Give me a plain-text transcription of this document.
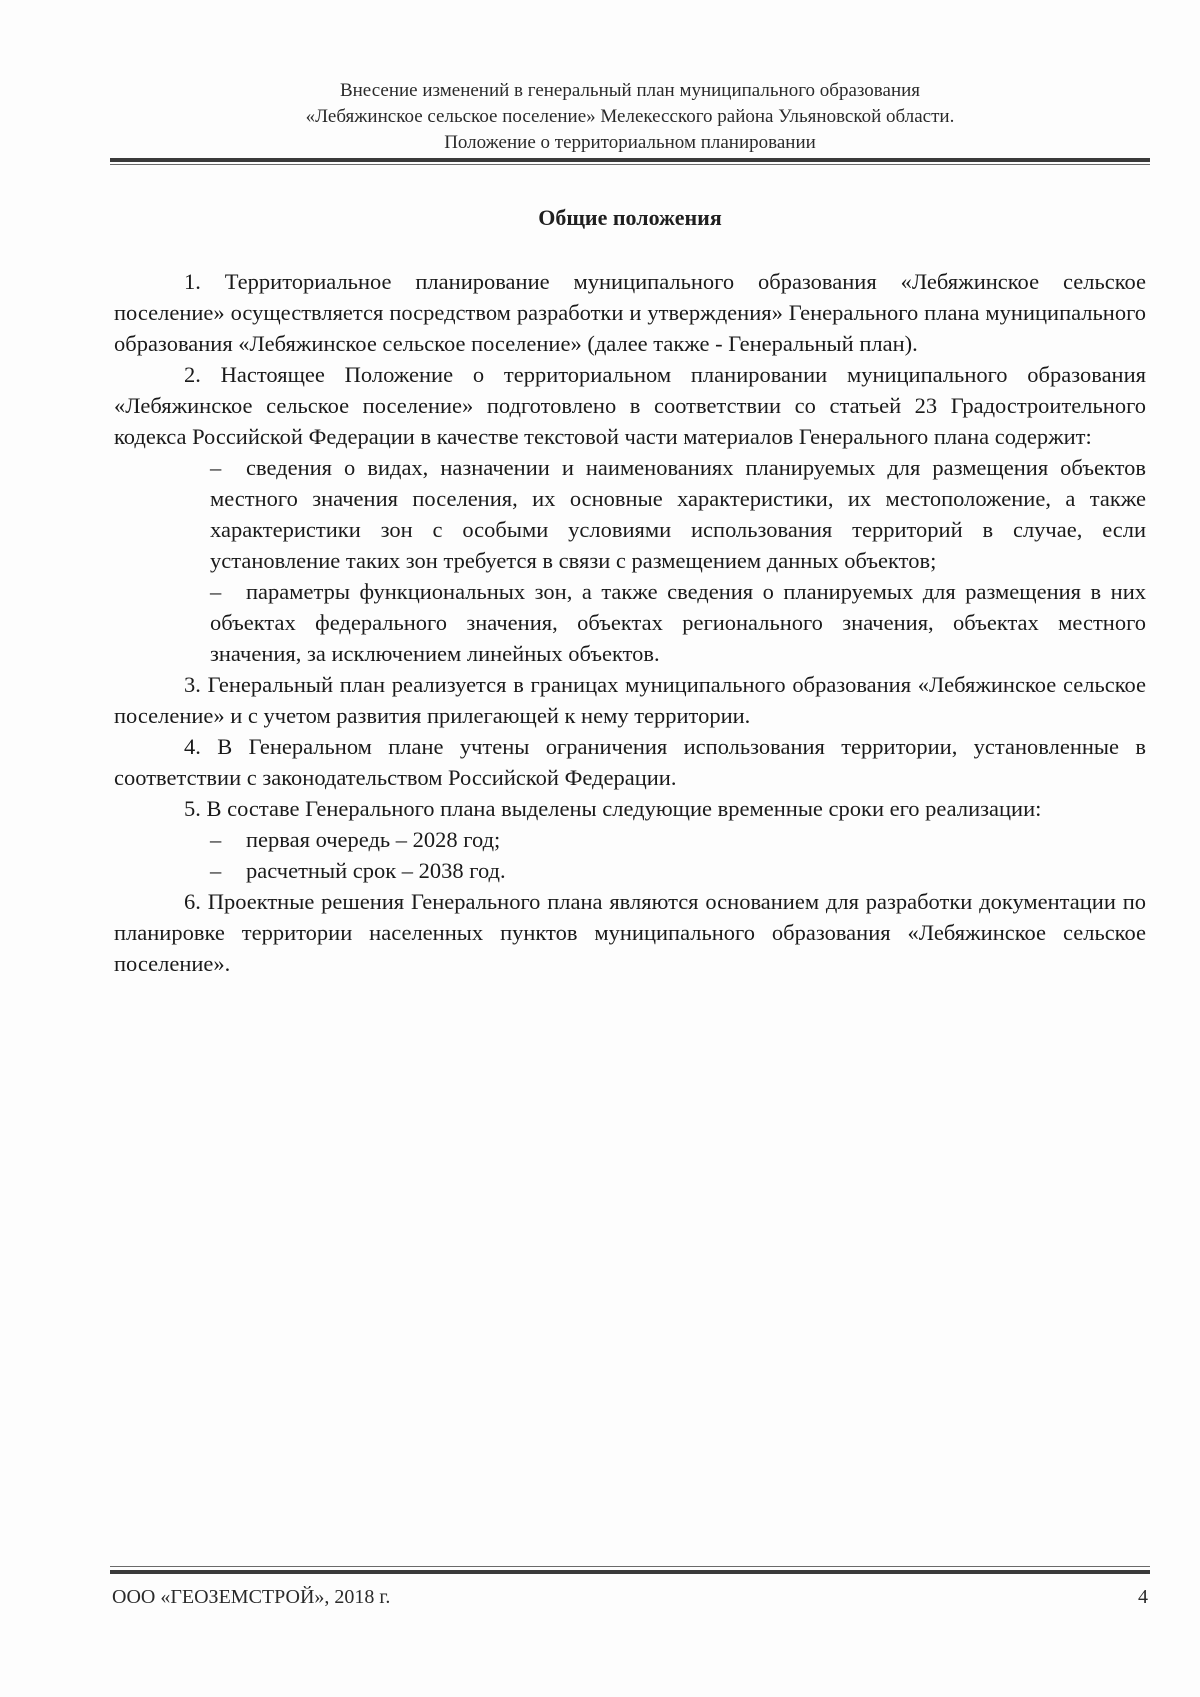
Внесение изменений в генеральный план муниципального образования
«Лебяжинское сельское поселение» Мелекесского района Ульяновской области.
Положение о территориальном планировании
Общие положения

1. Территориальное планирование муниципального образования «Лебяжинское сельское поселение» осуществляется посредством разработки и утверждения» Генерального плана муниципального образования «Лебяжинское сельское поселение» (далее также - Генеральный план).

2. Настоящее Положение о территориальном планировании муниципального образования «Лебяжинское сельское поселение» подготовлено в соответствии со статьей 23 Градостроительного кодекса Российской Федерации в качестве текстовой части материалов Генерального плана содержит:

– сведения о видах, назначении и наименованиях планируемых для размещения объектов местного значения поселения, их основные характеристики, их местоположение, а также характеристики зон с особыми условиями использования территорий в случае, если установление таких зон требуется в связи с размещением данных объектов;

– параметры функциональных зон, а также сведения о планируемых для размещения в них объектах федерального значения, объектах регионального значения, объектах местного значения, за исключением линейных объектов.

3. Генеральный план реализуется в границах муниципального образования «Лебяжинское сельское поселение» и с учетом развития прилегающей к нему территории.

4. В Генеральном плане учтены ограничения использования территории, установленные в соответствии с законодательством Российской Федерации.

5. В составе Генерального плана выделены следующие временные сроки его реализации:

– первая очередь – 2028 год;

– расчетный срок – 2038 год.

6. Проектные решения Генерального плана являются основанием для разработки документации по планировке территории населенных пунктов муниципального образования «Лебяжинское сельское поселение».

ООО «ГЕОЗЕМСТРОЙ», 2018 г.	4
